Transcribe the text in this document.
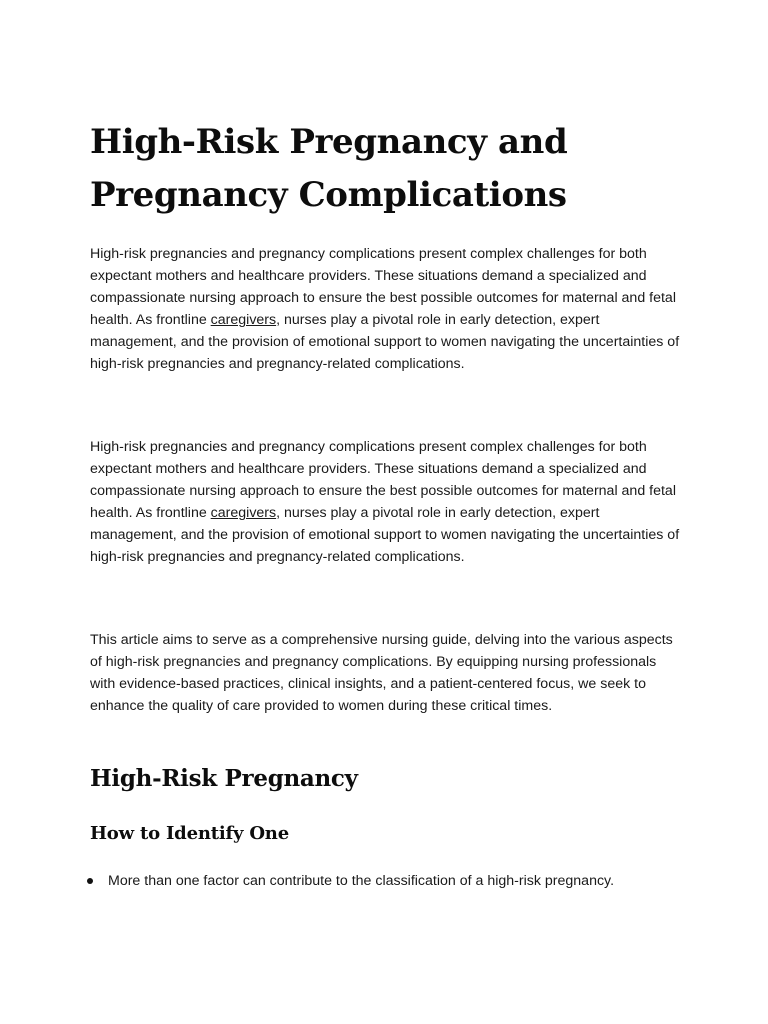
High-Risk Pregnancy and Pregnancy Complications

High-risk pregnancies and pregnancy complications present complex challenges for both expectant mothers and healthcare providers. These situations demand a specialized and compassionate nursing approach to ensure the best possible outcomes for maternal and fetal health. As frontline caregivers, nurses play a pivotal role in early detection, expert management, and the provision of emotional support to women navigating the uncertainties of high-risk pregnancies and pregnancy-related complications.

High-risk pregnancies and pregnancy complications present complex challenges for both expectant mothers and healthcare providers. These situations demand a specialized and compassionate nursing approach to ensure the best possible outcomes for maternal and fetal health. As frontline caregivers, nurses play a pivotal role in early detection, expert management, and the provision of emotional support to women navigating the uncertainties of high-risk pregnancies and pregnancy-related complications.

This article aims to serve as a comprehensive nursing guide, delving into the various aspects of high-risk pregnancies and pregnancy complications. By equipping nursing professionals with evidence-based practices, clinical insights, and a patient-centered focus, we seek to enhance the quality of care provided to women during these critical times.

High-Risk Pregnancy
How to Identify One
More than one factor can contribute to the classification of a high-risk pregnancy.
